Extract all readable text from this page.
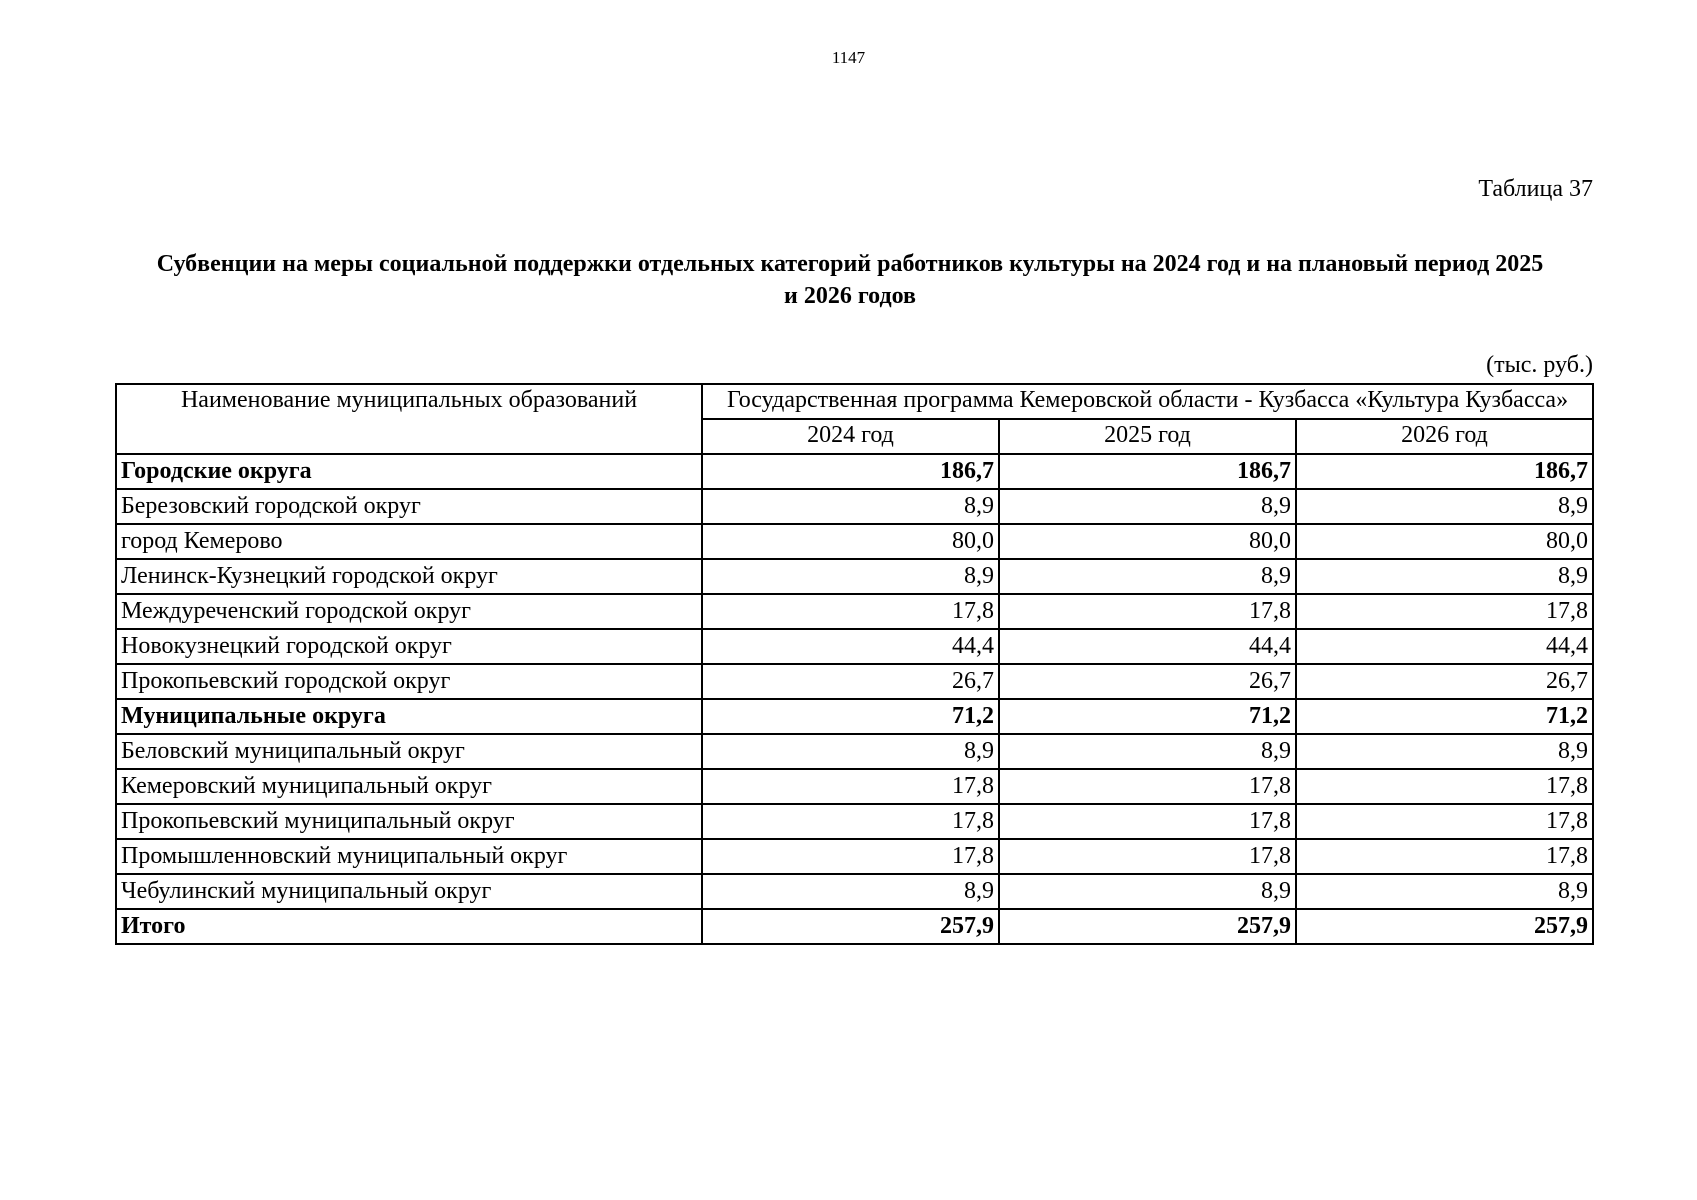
1147
Таблица 37
Субвенции на меры социальной поддержки отдельных категорий работников культуры на 2024 год и на плановый период 2025 и 2026 годов
(тыс. руб.)
Наименование муниципальных образований	Государственная программа Кемеровской области - Кузбасса «Культура Кузбасса»		
	2024 год	2025 год	2026 год
Городские округа	186,7	186,7	186,7
Березовский городской округ	8,9	8,9	8,9
город Кемерово	80,0	80,0	80,0
Ленинск-Кузнецкий городской округ	8,9	8,9	8,9
Междуреченский городской округ	17,8	17,8	17,8
Новокузнецкий городской округ	44,4	44,4	44,4
Прокопьевский городской округ	26,7	26,7	26,7
Муниципальные округа	71,2	71,2	71,2
Беловский муниципальный округ	8,9	8,9	8,9
Кемеровский муниципальный округ	17,8	17,8	17,8
Прокопьевский муниципальный округ	17,8	17,8	17,8
Промышленновский муниципальный округ	17,8	17,8	17,8
Чебулинский муниципальный округ	8,9	8,9	8,9
Итого	257,9	257,9	257,9
